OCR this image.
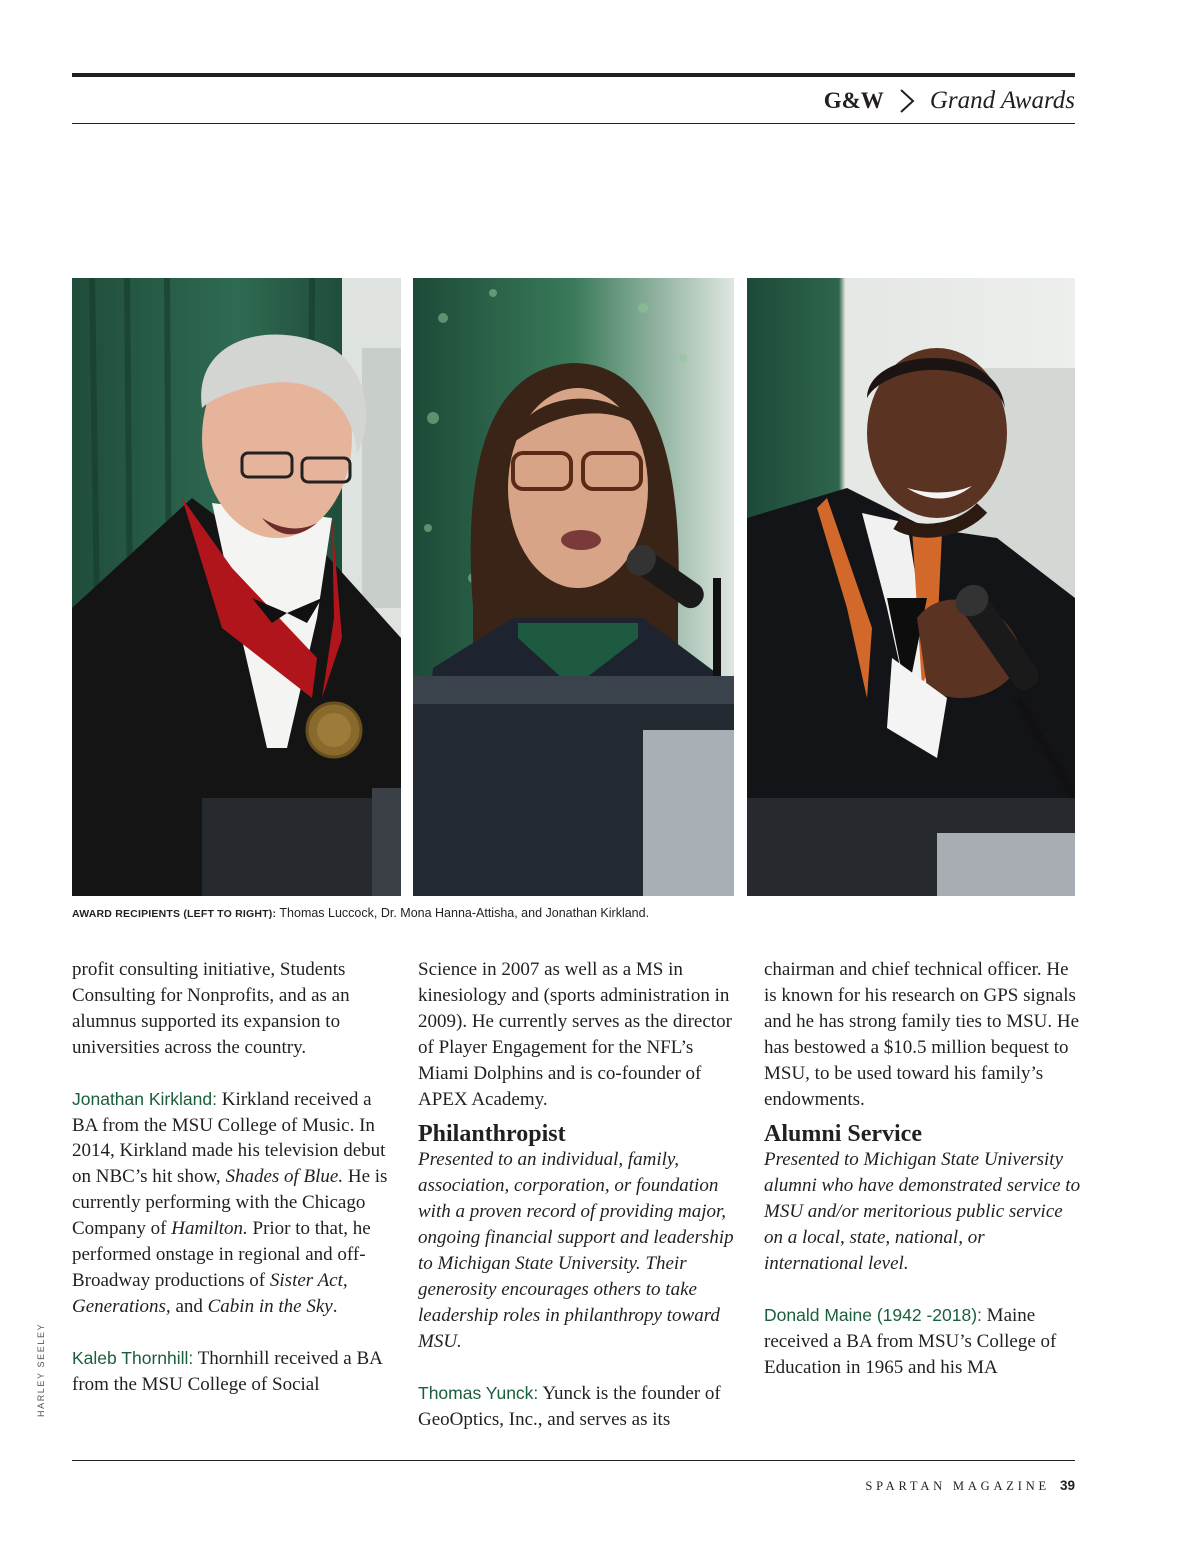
G&W Grand Awards
AWARD RECIPIENTS (LEFT TO RIGHT): Thomas Luccock, Dr. Mona Hanna-Attisha, and Jonathan Kirkland.

profit consulting initiative, Students Consulting for Nonprofits, and as an alumnus supported its expansion to universities across the country.

Jonathan Kirkland: Kirkland received a BA from the MSU College of Music. In 2014, Kirkland made his television debut on NBC’s hit show, Shades of Blue. He is currently performing with the Chicago Company of Hamilton. Prior to that, he performed onstage in regional and off-Broadway productions of Sister Act, Generations, and Cabin in the Sky.

Kaleb Thornhill: Thornhill received a BA from the MSU College of Social

Science in 2007 as well as a MS in kinesiology and (sports administration in 2009). He currently serves as the director of Player Engagement for the NFL’s Miami Dolphins and is co-founder of APEX Academy.

Philanthropist

Presented to an individual, family, association, corporation, or foundation with a proven record of providing major, ongoing financial support and leadership to Michigan State University. Their generosity encourages others to take leadership roles in philanthropy toward MSU.

Thomas Yunck: Yunck is the founder of GeoOptics, Inc., and serves as its

chairman and chief technical officer. He is known for his research on GPS signals and he has strong family ties to MSU. He has bestowed a $10.5 million bequest to MSU, to be used toward his family’s endowments.

Alumni Service

Presented to Michigan State University alumni who have demonstrated service to MSU and/or meritorious public service on a local, state, national, or international level.

Donald Maine (1942 -2018): Maine received a BA from MSU’s College of Education in 1965 and his MA

HARLEY SEELEY
SPARTAN MAGAZINE 39
